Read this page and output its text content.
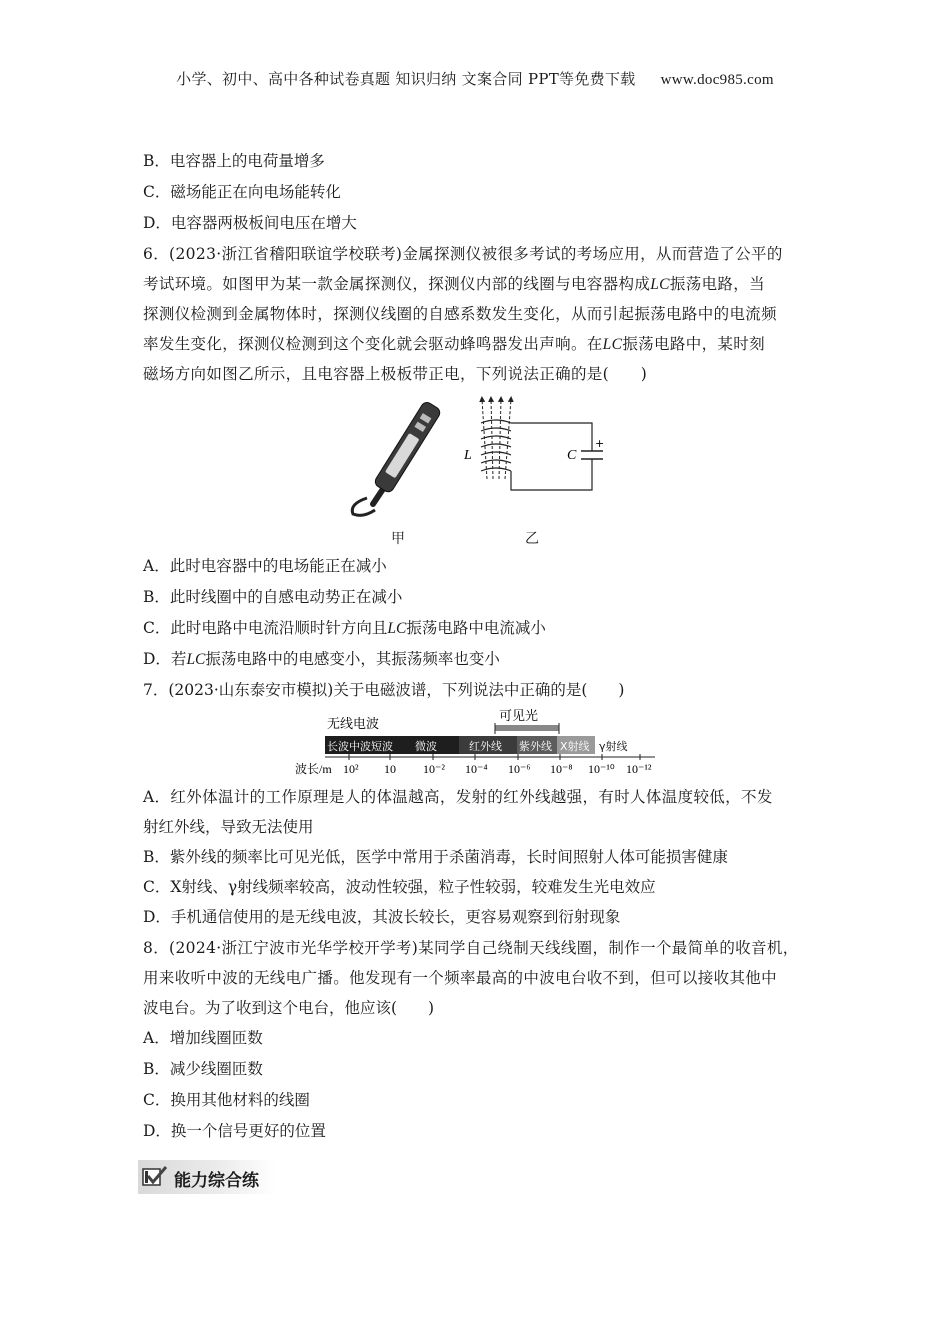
小学、初中、高中各种试卷真题 知识归纳 文案合同 PPT等免费下载 www.doc985.com
B．电容器上的电荷量增多
C．磁场能正在向电场能转化
D．电容器两极板间电压在增大
6．(2023·浙江省稽阳联谊学校联考)金属探测仪被很多考试的考场应用，从而营造了公平的
考试环境。如图甲为某一款金属探测仪，探测仪内部的线圈与电容器构成LC振荡电路，当
探测仪检测到金属物体时，探测仪线圈的自感系数发生变化，从而引起振荡电路中的电流频
率发生变化，探测仪检测到这个变化就会驱动蜂鸣器发出声响。在LC振荡电路中，某时刻
磁场方向如图乙所示，且电容器上极板带正电，下列说法正确的是(　　)
甲
L	C
+
乙
A．此时电容器中的电场能正在减小
B．此时线圈中的自感电动势正在减小
C．此时电路中电流沿顺时针方向且LC振荡电路中电流减小
D．若LC振荡电路中的电感变小，其振荡频率也变小
7．(2023·山东泰安市模拟)关于电磁波谱，下列说法中正确的是(　　)
无线电波
可见光
长波中波短波 微波	红外线 紫外线 X射线 γ射线
波长/m 10² 10 10⁻² 10⁻⁴ 10⁻⁶ 10⁻⁸ 10⁻¹⁰ 10⁻¹²
A．红外体温计的工作原理是人的体温越高，发射的红外线越强，有时人体温度较低，不发
射红外线，导致无法使用
B．紫外线的频率比可见光低，医学中常用于杀菌消毒，长时间照射人体可能损害健康
C．X射线、γ射线频率较高，波动性较强，粒子性较弱，较难发生光电效应
D．手机通信使用的是无线电波，其波长较长，更容易观察到衍射现象
8．(2024·浙江宁波市光华学校开学考)某同学自己绕制天线线圈，制作一个最简单的收音机，
用来收听中波的无线电广播。他发现有一个频率最高的中波电台收不到，但可以接收其他中
波电台。为了收到这个电台，他应该(　　)
A．增加线圈匝数
B．减少线圈匝数
C．换用其他材料的线圈
D．换一个信号更好的位置
能力综合练
